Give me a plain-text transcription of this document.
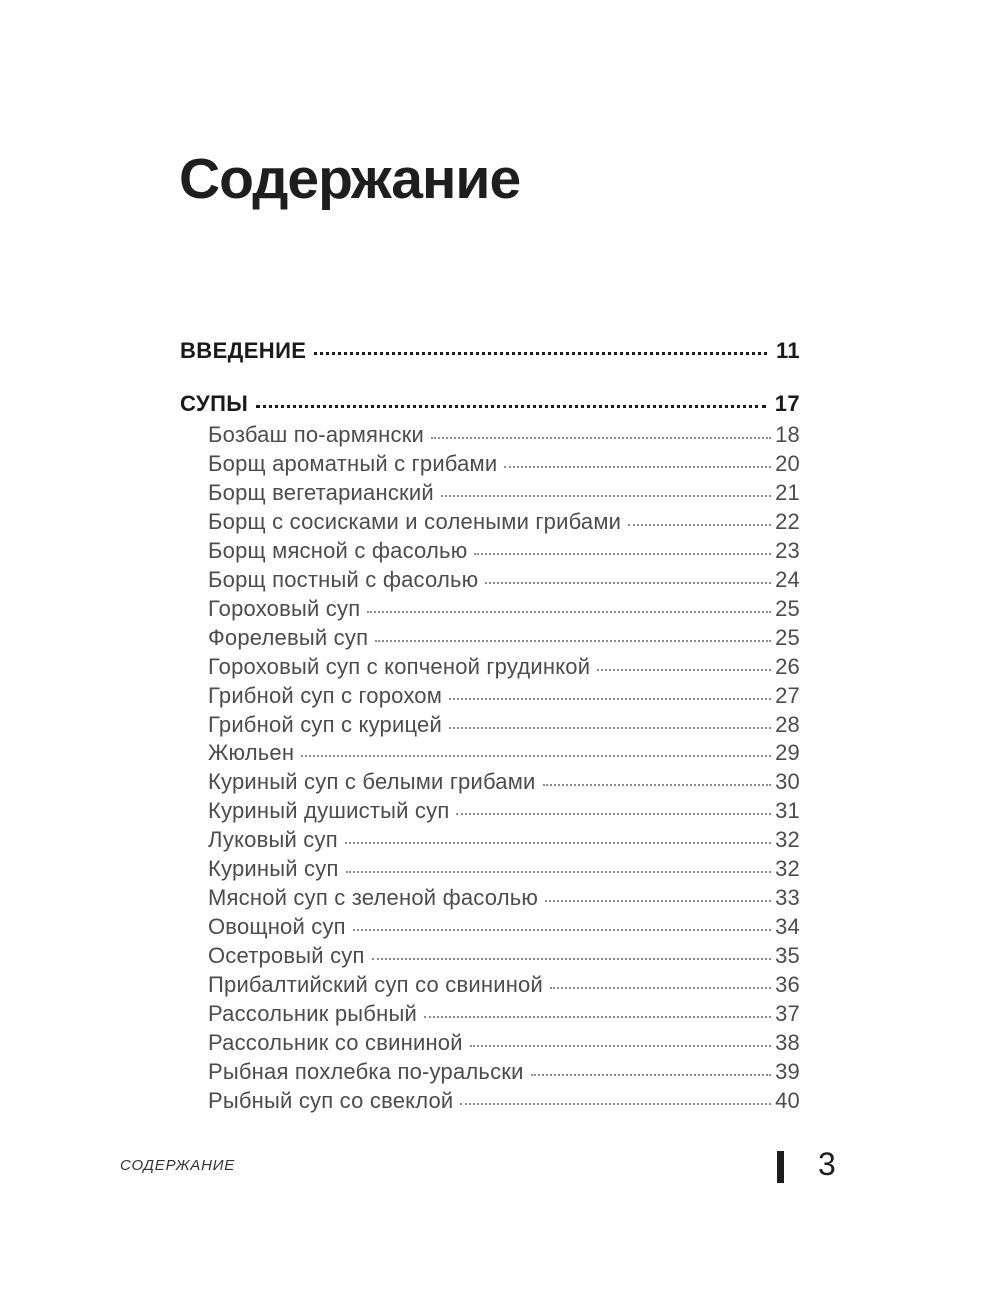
Содержание
ВВЕДЕНИЕ	11
СУПЫ	17
Бозбаш по-армянски	18
Борщ ароматный с грибами	20
Борщ вегетарианский	21
Борщ с сосисками и солеными грибами	22
Борщ мясной с фасолью	23
Борщ постный с фасолью	24
Гороховый суп	25
Форелевый суп	25
Гороховый суп с копченой грудинкой	26
Грибной суп с горохом	27
Грибной суп с курицей	28
Жюльен	29
Куриный суп с белыми грибами	30
Куриный душистый суп	31
Луковый суп	32
Куриный суп	32
Мясной суп с зеленой фасолью	33
Овощной суп	34
Осетровый суп	35
Прибалтийский суп со свининой	36
Рассольник рыбный	37
Рассольник со свининой	38
Рыбная похлебка по-уральски	39
Рыбный суп со свеклой	40
СОДЕРЖАНИЕ	3
